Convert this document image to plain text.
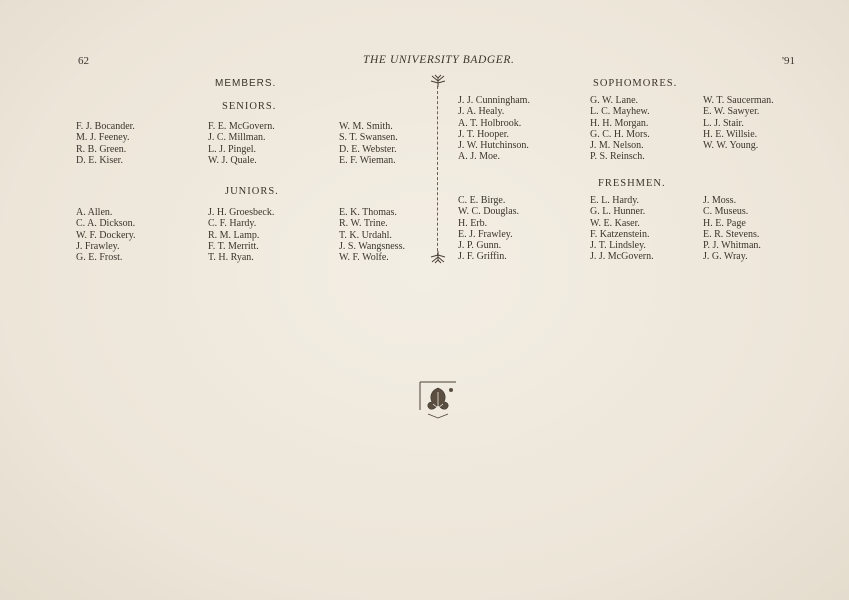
62	THE UNIVERSITY BADGER.	'91
MEMBERS.
SENIORS.
F. J. Bocander.
M. J. Feeney.
R. B. Green.
D. E. Kiser.
F. E. McGovern.
J. C. Millman.
L. J. Pingel.
W. J. Quale.
W. M. Smith.
S. T. Swansen.
D. E. Webster.
E. F. Wieman.
JUNIORS.
A. Allen.
C. A. Dickson.
W. F. Dockery.
J. Frawley.
G. E. Frost.
J. H. Groesbeck.
C. F. Hardy.
R. M. Lamp.
F. T. Merritt.
T. H. Ryan.
E. K. Thomas.
R. W. Trine.
T. K. Urdahl.
J. S. Wangsness.
W. F. Wolfe.
SOPHOMORES.
J. J. Cunningham.
J. A. Healy.
A. T. Holbrook.
J. T. Hooper.
J. W. Hutchinson.
A. J. Moe.
G. W. Lane.
L. C. Mayhew.
H. H. Morgan.
G. C. H. Mors.
J. M. Nelson.
P. S. Reinsch.
W. T. Saucerman.
E. W. Sawyer.
L. J. Stair.
H. E. Willsie.
W. W. Young.
FRESHMEN.
C. E. Birge.
W. C. Douglas.
H. Erb.
E. J. Frawley.
J. P. Gunn.
J. F. Griffin.
E. L. Hardy.
G. L. Hunner.
W. E. Kaser.
F. Katzenstein.
J. T. Lindsley.
J. J. McGovern.
J. Moss.
C. Museus.
H. E. Page
E. R. Stevens.
P. J. Whitman.
J. G. Wray.
